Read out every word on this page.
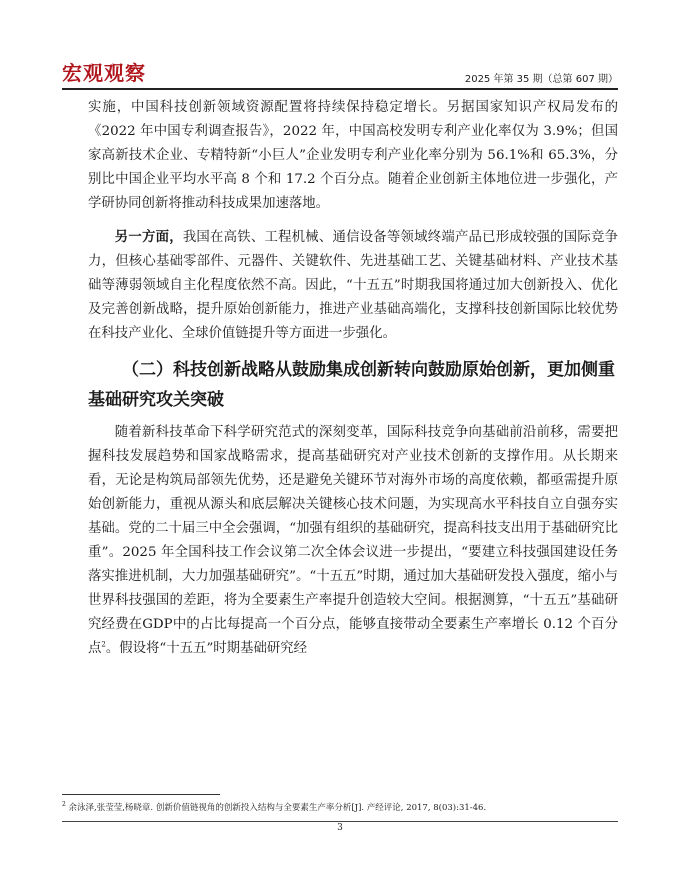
宏观观察	2025 年第 35 期（总第 607 期）

实施，中国科技创新领域资源配置将持续保持稳定增长。另据国家知识产权局发布的《2022 年中国专利调查报告》，2022 年，中国高校发明专利产业化率仅为 3.9%；但国家高新技术企业、专精特新“小巨人”企业发明专利产业化率分别为 56.1%和 65.3%，分别比中国企业平均水平高 8 个和 17.2 个百分点。随着企业创新主体地位进一步强化，产学研协同创新将推动科技成果加速落地。

另一方面，我国在高铁、工程机械、通信设备等领域终端产品已形成较强的国际竞争力，但核心基础零部件、元器件、关键软件、先进基础工艺、关键基础材料、产业技术基础等薄弱领域自主化程度依然不高。因此，“十五五”时期我国将通过加大创新投入、优化及完善创新战略，提升原始创新能力，推进产业基础高端化，支撑科技创新国际比较优势在科技产业化、全球价值链提升等方面进一步强化。

（二）科技创新战略从鼓励集成创新转向鼓励原始创新，更加侧重基础研究攻关突破

随着新科技革命下科学研究范式的深刻变革，国际科技竞争向基础前沿前移，需要把握科技发展趋势和国家战略需求，提高基础研究对产业技术创新的支撑作用。从长期来看，无论是构筑局部领先优势，还是避免关键环节对海外市场的高度依赖，都亟需提升原始创新能力，重视从源头和底层解决关键核心技术问题，为实现高水平科技自立自强夯实基础。党的二十届三中全会强调，“加强有组织的基础研究，提高科技支出用于基础研究比重”。2025 年全国科技工作会议第二次全体会议进一步提出，“要建立科技强国建设任务落实推进机制，大力加强基础研究”。“十五五”时期，通过加大基础研发投入强度，缩小与世界科技强国的差距，将为全要素生产率提升创造较大空间。根据测算，“十五五”基础研究经费在GDP中的占比每提高一个百分点，能够直接带动全要素生产率增长 0.12 个百分点$^2$。假设将“十五五”时期基础研究经

$^2$ 余泳泽,张莹莹,杨晓章. 创新价值链视角的创新投入结构与全要素生产率分析[J]. 产经评论, 2017, 8(03):31-46.
3
